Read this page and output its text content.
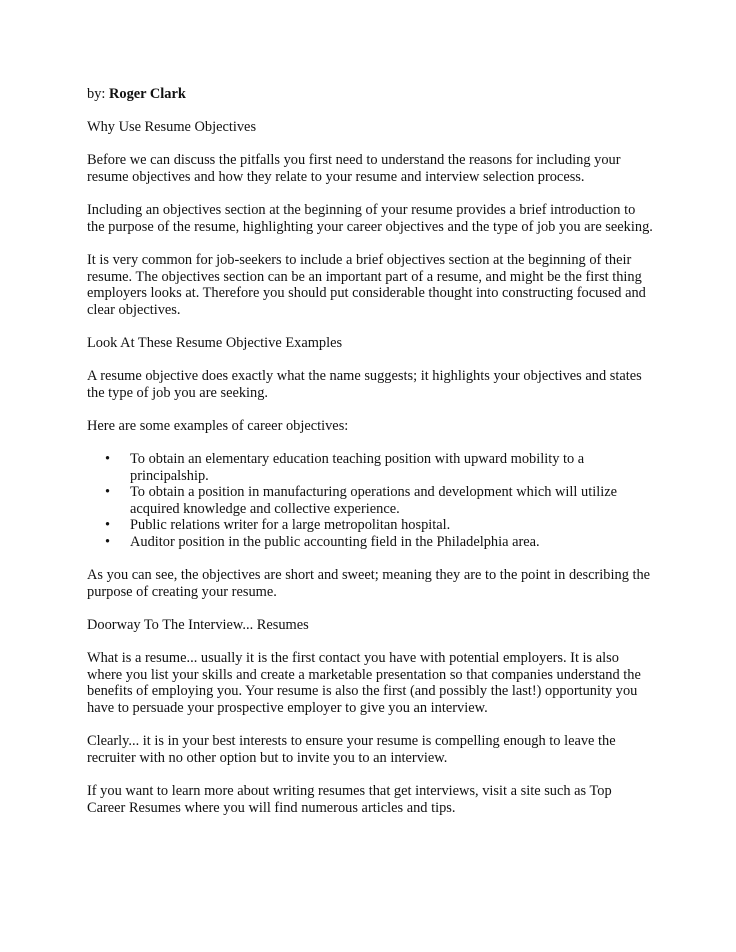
by: Roger Clark

Why Use Resume Objectives

Before we can discuss the pitfalls you first need to understand the reasons for including your resume objectives and how they relate to your resume and interview selection process.

Including an objectives section at the beginning of your resume provides a brief introduction to the purpose of the resume, highlighting your career objectives and the type of job you are seeking.

It is very common for job-seekers to include a brief objectives section at the beginning of their resume. The objectives section can be an important part of a resume, and might be the first thing employers looks at. Therefore you should put considerable thought into constructing focused and clear objectives.

Look At These Resume Objective Examples

A resume objective does exactly what the name suggests; it highlights your objectives and states the type of job you are seeking.

Here are some examples of career objectives:

• To obtain an elementary education teaching position with upward mobility to a principalship.
• To obtain a position in manufacturing operations and development which will utilize acquired knowledge and collective experience.
• Public relations writer for a large metropolitan hospital.
• Auditor position in the public accounting field in the Philadelphia area.

As you can see, the objectives are short and sweet; meaning they are to the point in describing the purpose of creating your resume.

Doorway To The Interview... Resumes

What is a resume... usually it is the first contact you have with potential employers. It is also where you list your skills and create a marketable presentation so that companies understand the benefits of employing you. Your resume is also the first (and possibly the last!) opportunity you have to persuade your prospective employer to give you an interview.

Clearly... it is in your best interests to ensure your resume is compelling enough to leave the recruiter with no other option but to invite you to an interview.

If you want to learn more about writing resumes that get interviews, visit a site such as Top Career Resumes where you will find numerous articles and tips.
